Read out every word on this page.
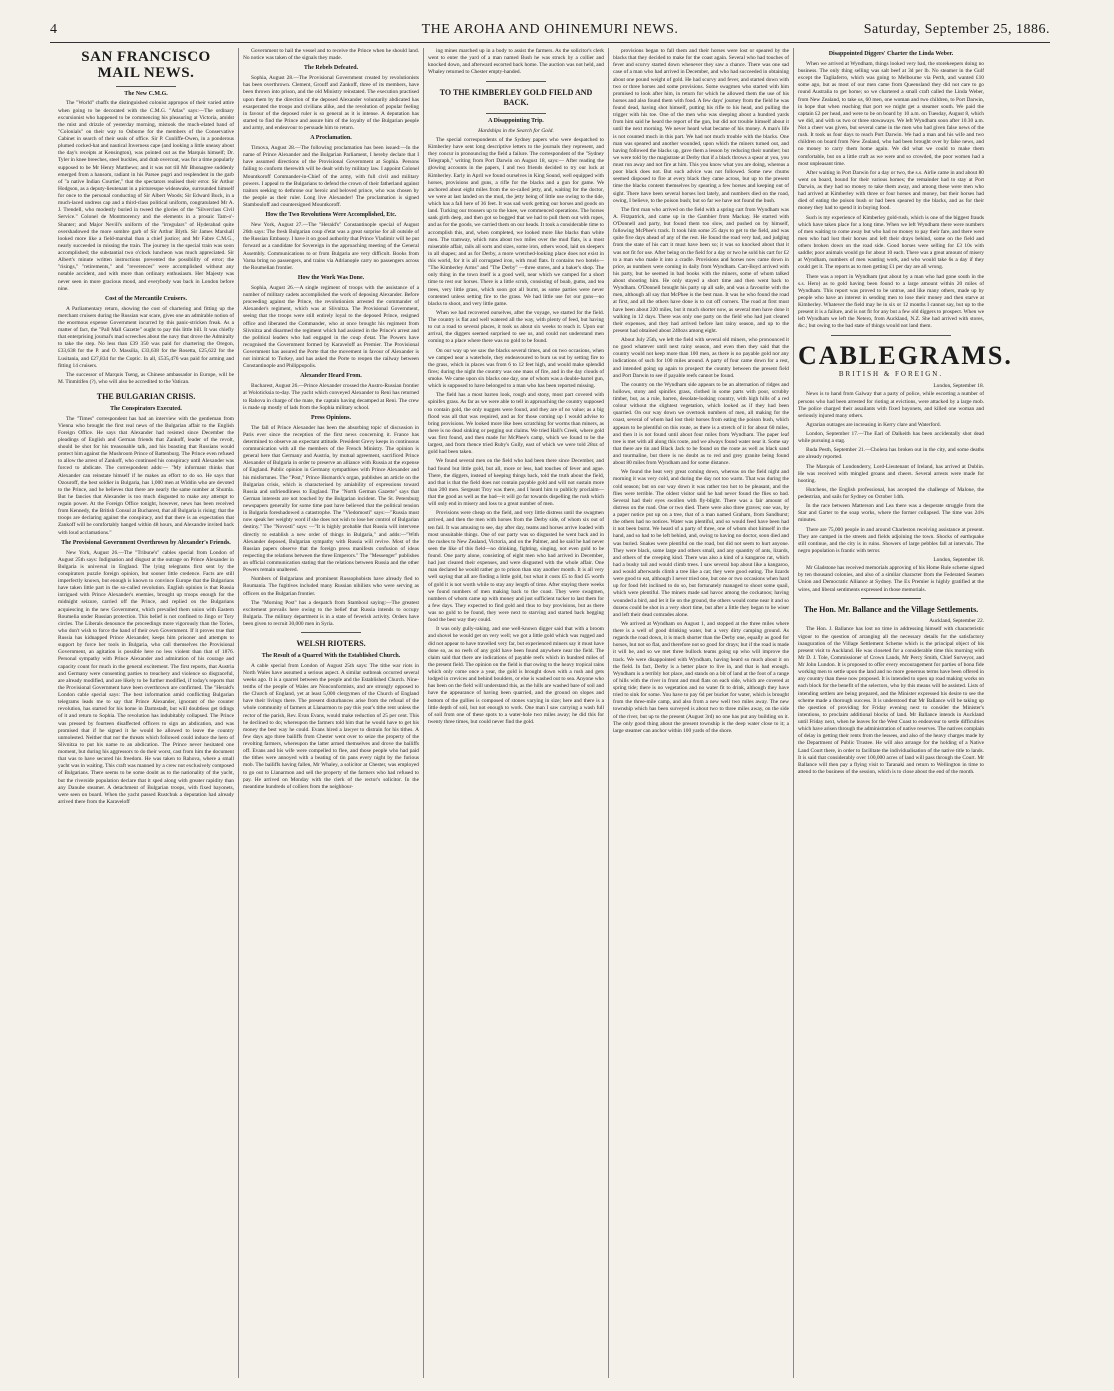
4	THE AROHA AND OHINEMURI NEWS.	Saturday, September 25, 1886.
SAN FRANCISCO MAIL NEWS.
The New C.M.G.

The "World" chaffs the distinguished colonist appropos of their varied attire when going to be decorated with the C.M.G. "Atlas" says:—The ordinary excursionist who happened to be commencing his pleasuring at Victoria, amidst the mist and drizzle of yesterday morning, mistook the much-elated band of "Colonials" on their way to Osborne for the members of the Conservative Cabinet in search of their seals of office. Sir P. Cunliffe-Owen, in a ponderous plumed cocked-hat and nautical Inverness cape (and looking a little uneasy about the day's receipts at Kensington), was pointed out as the Marquis himself; Dr. Tyler in knee breeches, steel buckles, and drab overcoat, was for a time popularly supposed to be Mr Henry Matthews; and it was not till Mr Bhonagree suddenly emerged from a hansom, radiant in his Parsee pugri and resplendent in the garb of "a native Indian Courtier," that the spectators realised their error. Sir Arthur Hodgson, as a deputy-lieutenant in a picturesque wideawake, surrounded himself for once to the personal conducting of Sir Albert Woods; Sir Edward Buck, in a much-laced undress cap and a third-class political uniform, congratulated Mr A. J. Trendell, who modestly buried in tweed the glories of the "Silverclass Civil Service." Colonel de Montmorency and the elements in a prosaic Tam-o'-Shanter; and Major Nevill's uniform of the "irregulars" of Hyderabad quite overshadowed the more sombre garb of Sir Arthur Blyth. Sir James Marshall looked more like a field-marshal than a chief justice; and Mr Fabre C.M.G., nearly succeeded in missing the train. The journey in the special train was soon accomplished; the substantial two o'clock luncheon was much appreciated. Sir Albert's minute written instructions prevented the possibility of error; the "risings," "retirements," and "reverences" were accomplished without any notable accident, and with more than ordinary enthusiasm. Her Majesty was never seen in more gracious mood, and everybody was back in London before nine.

Cost of the Mercantile Cruisers.

A Parliamentary return, showing the cost of chartering and fitting up the merchant cruisers during the Russian war scare, gives one an admirable notion of the enormous expense Government incurred by this panic-stricken freak. As a matter of fact, the "Pall Mall Gazette" ought to pay this little bill. It was chiefly that enterprising journal's mad screeches about the navy that drove the Admiralty to take the step. No less than £39 350 was paid for chartering the Oregon, £33,638 for the P. and O. Massilia, £33,638 for the Rosetta, £25,622 for the Lusitania, and £27,834 for the Coptic. In all, £535,476 was paid for arming and fitting 14 cruisers.

The successor of Marquis Tseng, as Chinese ambassador in Europe, will be M. Tinmitifen (?), who will also be accredited to the Vatican.

THE BULGARIAN CRISIS.
The Conspirators Executed.

The "Times" correspondent has had an interview with the gentleman from Vienna who brought the first real news of the Bulgarian affair to the English Foreign Office. He says that Alexander had resisted since December the pleadings of English and German friends that Zankoff, leader of the revolt, should be shot for his treasonable talk, and his boasting that Russians would protect him against the Mushroom Prince of Battenburg. The Prince even refused to allow the arrest of Zankoff, who continued his conspiracy until Alexander was forced to abdicate. The correspondent adds:— "My informant thinks that Alexander can reinstate himself if he makes an effort to do so. He says that Ozouroff, the best soldier in Bulgaria, has 1,000 men at Widdin who are devoted to the Prince, and he believes that there are nearly the same number at Shumla. But he fancies that Alexander is too much disgusted to make any attempt to regain power. At the Foreign Office tonight, however, news has been received from Kennedy, the British Consul at Bucharest, that all Bulgaria is rising; that the troops are declaring against the conspiracy, and that there is an expectation that Zankoff will be comfortably hanged within 48 hours, and Alexandre invited back with loud acclamations."

The Provisional Government Overthrown by Alexander's Friends.

New York, August 26.—The "Tribune's" cables special from London of August 25th says: Indignation and disgust at the outrage on Prince Alexander in Bulgaria is universal in England. The lying telegrams first sent by the conspirators puzzle foreign opinion, but sooner little credence. Facts are still imperfectly known, but enough is known to convince Europe that the Bulgarians have taken little part in the so-called revolution. English opinion is that Russia intrigued with Prince Alexander's enemies, brought up troops enough for the midnight seizure, carried off the Prince, and replied on the Bulgarians acquiescing in the new Government, which prevailed them union with Eastern Roumelia under Russian protection. This belief is not confined to Jingo or Tory circles. The Liberals denounce the proceedings more vigorously than the Tories, who don't wish to force the hand of their own Government. If it proves true that Russia has kidnapped Prince Alexander, keeps him prisoner and attempts to support by force her tools in Bulgaria, who call themselves the Provisional Government, an agitation is possible here no less violent than that of 1876. Personal sympathy with Prince Alexander and admiration of his courage and capacity count for much in the general excitement. The first reports, that Austria and Germany were consenting parties to treachery and violence so disgraceful, are already modified, and are likely to be further modified, if today's reports that the Provisional Government have been overthrown are confirmed. The "Herald's London cable special says: The best information amid conflicting Bulgarian telegrams leads me to say that Prince Alexander, ignorant of the counter revolution, has started for his home in Darmstadt, but will doubtless get tidings of it and return to Sophia. The revolution has indubitably collapsed. The Prince was pressed by fourteen disaffected officers to sign an abdication, and was promised that if he signed it he would be allowed to leave the country unmolested. Neither that nor the threats which followed could induce the hero of Slivnitza to put his name to an abdication. The Prince never hesitated one moment, but during his aggressors to do their worst, cast from him the document that was to have secured his freedom. He was taken to Rahova, where a small yacht was in waiting. This craft was manned by a crew not exclusively composed of Bulgarians. There seems to be some doubt as to the nationality of the yacht, but the riverside population declare that it sped along with greater rapidity than any Danube steamer. A detachment of Bulgarian troops, with fixed bayonets, were seen on board. When the yacht passed Rustchuk a deputation had already arrived there from the Karaveloff

Government to hail the vessel and to receive the Prince when he should land. No notice was taken of the signals they made.

The Rebels Defeated.

Sophia, August 28.—The Provisional Government created by revolutionists has been overthrown. Clement, Grouff and Zankoff, three of its members, have been thrown into prison, and the old Ministry reinstated. The execution practised upon them by the direction of the deposed Alexander voluntarily abdicated has exasperated the troops and civilians alike, and the revolution of popular feeling in favour of the deposed ruler is so general as it is intense. A deputation has started to find the Prince and assure him of the loyalty of the Bulgarian people and army, and endeavour to persuade him to return.

A Proclamation.

Tirnova, August 28.—The following proclamation has been issued:—In the name of Prince Alexander and the Bulgarian Parliament, I hereby declare that I have assumed directions of the Provisional Government at Sophia. Persons failing to conform therewith will be dealt with by military law. I appoint Colonel Mountkoroff Commander-in-Chief of the army, with full civil and military powers. I appeal to the Bulgarians to defend the crown of their fatherland against traitors seeking to dethrone our heroic and beloved prince, who was chosen by the people as their ruler. Long live Alexander! The proclamation is signed Stambouloff and countersigned Mountkoroff.

How the Two Revolutions Were Accomplished, Etc.

New York, August 27.—The "Herald's" Constantinople special of August 26th says: The fresh Bulgarian coup d'etat was a great surprise for all outside of the Russian Embassy. I have it on good authority that Prince Vladimir will be put forward as a candidate for Sovereign in the approaching meeting of the General Assembly. Communications to or from Bulgaria are very difficult. Books from Varna bring no passengers, and trains via Adrianople carry no passengers across the Roumelian frontier.

How the Work Was Done.

Sophia, August 26.—A single regiment of troops with the assistance of a number of military cadets accomplished the work of deposing Alexander. Before proceeding against the Prince, the revolutionists arrested the commander of Alexander's regiment, which was at Slivnitza. The Provisional Government, seeing that the troops were still entirely loyal to the deposed Prince, resigned office and liberated the Commander, who at once brought his regiment from Slivnitza and disarmed the regiment which had assisted in the Prince's arrest and the political leaders who had engaged in the coup d'etat. The Powers have recognised the Government formed by Karaveloff as Premier. The Provisional Government has assured the Porte that the movement in favour of Alexander is not inimical to Turkey, and has asked the Porte to reopen the railway between Constantinople and Philippopolis.

Alexander Heard From.

Bucharest, August 26.—Prince Alexander crossed the Austro-Russian frontier at Woloticksia to-day. The yacht which conveyed Alexander to Reni has returned to Rahova in charge of the mate, the captain having decamped at Reni. The crew is made up mostly of lads from the Sophia military school.

Press Opinions.

The fall of Prince Alexander has been the absorbing topic of discussion in Paris ever since the reception of the first news concerning it. France has determined to observe an expectant attitude. President Grevy keeps in continuous communication with all the members of the French Ministry. The opinion is general here that Germany and Austria, by mutual agreement, sacrificed Prince Alexander of Bulgaria in order to preserve an alliance with Russia at the expense of England. Public opinion in Germany sympathises with Prince Alexander and his misfortunes. The "Post," Prince Bismarck's organ, publishes an article on the Bulgarian crisis, which is characterised by amiability of expressions toward Russia and unfriendliness to England. The "North German Gazette" says that German interests are not touched by the Bulgarian incident. The St. Petersburg newspapers generally for some time past have believed that the political tension in Bulgaria foreshadowed a catastrophe. The "Viedomosti" says:—"Russia must now speak her weighty word if she does not wish to lose her control of Bulgarian destiny." The "Novosti" says: —"It is highly probable that Russia will intervene directly to establish a new order of things in Bulgaria," and adds:—"With Alexander deposed, Bulgarian sympathy with Russia will revive. Most of the Russian papers observe that the foreign press manifests confusion of ideas respecting the relations between the three Emperors." The "Messenger" publishes an official communication stating that the relations between Russia and the other Powers remain unaltered.

Numbers of Bulgarians and prominent Russophobists have already fled to Roumania. The fugitives included many Russian nihilists who were serving as officers on the Bulgarian frontier.

The "Morning Post" has a despatch from Stamboul saying:—The greatest excitement prevails here owing to the belief that Russia intends to occupy Bulgaria. The military department is in a state of feverish activity. Orders have been given to recruit 30,000 men in Syria.

WELSH RIOTERS.
The Result of a Quarrel With the Established Church.

A cable special from London of August 25th says: The tithe war riots in North Wales have assumed a serious aspect. A similar outbreak occurred several weeks ago. It is a quarrel between the people and the Established Church. Nine-tenths of the people of Wales are Nonconformists, and are strongly opposed to the Church of England, yet at least 5,000 clergymen of the Church of England have their livings there. The present disturbances arise from the refusal of the whole community of farmers at Llanarmon to pay this year's tithe rent unless the rector of the parish, Rev. Evan Evans, would make reduction of 25 per cent. This he declined to do; whereupon the farmers told him that he would have to get his money the best way he could. Evans hired a lawyer to distrain for his tithes. A few days ago three bailiffs from Chester went over to seize the property of the revolting farmers, whereupon the latter armed themselves and drove the bailiffs off. Evans and his wife were compelled to flee, and those people who had paid the tithes were annoyed with a beating of tin pans every night by the furious mob. The bailiffs having fallen, Mr Whaley, a solicitor at Chester, was employed to go out to Llanarmon and sell the property of the farmers who had refused to pay. He arrived on Monday with the clerk of the rector's solicitor. In the meantime hundreds of colliers from the neighbour-

ing mines marched up in a body to assist the farmers. As the solicitor's clerk went to enter the yard of a man named Bush he was struck by a collier and knocked down, and afterward escorted back home. The auction was not held, and Whaley returned to Chester empty-handed.

TO THE KIMBERLEY GOLD FIELD AND BACK.
A Disappointing Trip.
Hardships in the Search for Gold.

The special correspondents of the Sydney papers who were despatched to Kimberley have sent long descriptive letters to the journals they represent, and they concur in pronouncing the field a failure. The correspondent of the "Sydney Telegraph," writing from Port Darwin on August 18, says:— After reading the glowing accounts in the papers, I and two friends decided to try our luck at Kimberley. Early in April we found ourselves in King Sound, well equipped with horses, provisions and guns, a rifle for the blacks and a gun for game. We anchored about eight miles from the so-called jetty, and, waiting for the doctor, we were at last landed on the mud, the jetty being of little use owing to the tide, which has a fall here of 36 feet. It was sad work getting our horses and goods on land. Tucking our trousers up to the knee, we commenced operations. The horses sank girth deep, and then got so bogged that we had to pull them out with ropes, and as for the goods, we carried them on our heads. It took a considerable time to accomplish this, and, when completed, we looked more like blacks than white men. The tramway, which runs about two miles over the mud flats, is a most miserable affair, rails all sorts and sizes, some iron, others wood, laid on sleepers in all shapes; and as for Derby, a more wretched-looking place does not exist in this world, for it is all corrugated iron, with mud flats. It contains two hotels— "The Kimberley Arms" and "The Derby" —three stores, and a baker's shop. The only thing in the town itself is a good well, near which we camped for a short time to rest our horses. There is a little scrub, consisting of boab, gums, and tea trees, very little grass, which soon got all burnt, as some parties were never contented unless setting fire to the grass. We had little use for our guns—no blacks to shoot, and very little game.

When we had recovered ourselves, after the voyage, we started for the field. The country is flat and well watered all the way, with plenty of feed, but having to cut a road to several places, it took us about six weeks to reach it. Upon our arrival, the diggers seemed surprised to see us, and could not understand men coming to a place where there was no gold to be found.

On our way up we saw the blacks several times, and on two occasions, when we camped near a waterhole, they endeavoured to burn us out by setting fire to the grass, which in places was from 6 to 12 feet high, and would make splendid fires; during the night the country was one mass of fire, and in the day clouds of smoke. We came upon six blacks one day, one of whom was a double-barrel gun, which is supposed to have belonged to a man who has been reported missing.

The field has a most barren look, rough and stony, most part covered with spinifex grass. As far as we were able to tell in approaching the country supposed to contain gold, the only nuggets were found, and they are of no value; as a big flood was all that was required, and as for those coming up I would advise to bring provisions. We looked more like bees scratching for worms than miners, as there is no dead sinking or pegging out claims. We tried Hall's Creek, where gold was first found, and then made for McPhee's camp, which we found to be the largest, and from thence tried Ruby's Gully, east of which we were told 28oz of gold had been taken.

We found several men on the field who had been there since December, and had found but little gold, but all, more or less, had touches of fever and ague. There, the diggers, instead of keeping things back, told the truth about the field, and that is that the field does not contain payable gold and will not sustain more than 200 men. Sergeant Troy was there, and I heard him to publicly proclaim—that the good as well as the bad—it will go far towards dispelling the rush which will only end in misery and loss to a great number of men.

Provisions were cheap on the field, and very little distress until the swagmen arrived, and then the men with horses from the Derby side, of whom six out of ten fail. It was amusing to see, day after day, teams and horses arrive loaded with most unsuitable things. One of our party was so disgusted he went back and in the rushes to New Zealand, Victoria, and on the Palmer, and he said he had never seen the like of this field—no drinking, fighting, singing, not even gold to be found. One party alone, consisting of eight men who had arrived in December, had just cleared their expenses, and were disgusted with the whole affair. One man declared he would rather go to prison than stay another month. It is all very well saying that all are finding a little gold, but what it costs £5 to find £5 worth of gold it is not worth while to stay any length of time. After staying there weeks we found numbers of men making back to the coast. They were swagmen, numbers of whom came up with money and just sufficient tucker to last them for a few days. They expected to find gold and thus to buy provisions, but as there was no gold to be found, they were next to starving and started back begging food the best way they could.

It was only gully-raking, and one well-known digger said that with a broom and shovel he would get on very well; we got a little gold which was rugged and did not appear to have travelled very far, but experienced miners say it must have done so, as no reefs of any gold have been found anywhere near the field. The claim said that there are indications of payable reefs which in hundred miles of the present field. The opinion on the field is that owing to the heavy tropical rains which only come once a year, the gold is brought down with a rush and gets lodged in crevices and behind boulders, or else is washed out to sea. Anyone who has been on the field will understand this, as the hills are washed bare of soil and have the appearance of having been quarried, and the ground on slopes and bottom of the gullies is composed of stones varying in size; here and there is a little depth of soil, but not enough to work. One man I saw carrying a wash full of soil from one of these spots to a water-hole two miles away; he did this for twenty three times, but could never find the gold.

provisions began to fall them and their horses were lost or speared by the blacks that they decided to make for the coast again. Several who had touches of fever and scurvy started down whenever they saw a chance. There was one sad case of a man who had arrived in December, and who had succeeded in obtaining about one pound weight of gold. He had scurvy and fever, and started down with two or three horses and some provisions. Some swagmen who started with him promised to look after him, in return for which he allowed them the use of his horses and also found them with food. A few days' journey from the field he was found dead, having shot himself, putting his rifle to his head, and pulling the trigger with his toe. One of the men who was sleeping about a hundred yards from him said he heard the report of the gun, but did not trouble himself about it until the next morning. We never heard what became of his money. A man's life is not counted much in this part. We had not much trouble with the blacks. One man was speared and another wounded, upon which the miners turned out, and having followed the blacks up, gave them a lesson by reducing their number; but we were told by the magistrate at Derby that if a black throws a spear at you, you must run away and not fire at him. This you know what you are doing, whereas a poor black does not. But such advice was not followed. Some new chums seemed disposed to fire at every black they came across, but up to the present time the blacks content themselves by spearing a few horses and keeping out of sight. There have been several horses lost lately, and numbers died on the road, owing, I believe, to the poison bush; but so far we have not found the bush.

The first man who arrived on the field with a spring cart from Wyndham was A. Fitzpatrick, and came up in the Gambier from Mackay. He started with O'Donnell and party, but found them too slow, and pushed on by himself, following McPhee's track. It took him some 25 days to get to the field, and was quite five days ahead of any of the rest. He found the road very bad, and judging from the state of his cart it must have been so; it was so knocked about that it was not fit for use. After being on the field for a day or two he sold his cart for £2 to a man who made it into a cradle. Provisions and horses now came down in price, as numbers were coming in daily from Wyndham. Carr-Boyd arrived with his party, but he seemed in bad books with the miners, some of whom talked about shooting him. He only stayed a short time and then went back to Wyndham. O'Donnell brought his party up all safe, and was a favourite with the men, although all say that McPhee is the best man. It was he who found the road at first, and all the others have done is to cut off corners. The road at first must have been about 220 miles, but it much shorter now, as several men have done it walking in 12 days. There was only one party on the field who had just cleared their expenses, and they had arrived before last rainy season, and up to the present had obtained about 240ozs among eight.

About July 25th, we left the field with several old miners, who pronounced it no good whatever until next rainy season, and even then they said that the country would not keep more than 100 men, as there is no payable gold nor any indications of such for 100 miles around. A party of four came down for a rest, and intended going up again to prospect the country between the present field and Port Darwin to see if payable reefs cannot be found.

The country on the Wyndham side appears to be an alternation of ridges and hollows, stony and spinifex grass, clothed in some parts with poor, scrubby timber, but, as a rule, barren, desolate-looking country, with high hills of a red colour without the slightest vegetation, which looked as if they had been quarried. On our way down we overtook numbers of men, all making for the coast, several of whom had lost their horses from eating the poison bush, which appears to be plentiful on this route, as there is a stretch of it for about 60 miles, and then it is not found until about four miles from Wyndham. The paper leaf tree is met with all along this route, and we always found water near it. Some say that there are tin and Black Jack to be found on the route as well as black sand and tourmaline, but there is no doubt as to red and grey granite being found about 80 miles from Wyndham and for some distance.

We found the heat very great coming down, whereas on the field night and morning it was very cold, and during the day not too warm. That was during the cold season; but on our way down it was rather too hot to be pleasant, and the flies were terrible. The oldest visitor said he had never found the flies so bad. Several had their eyes swollen with fly-blight. There was a fair amount of distress on the road. One or two died. There were also three graves; one was, by a paper notice put up on a tree, that of a man named Graham, from Sandhurst; the others had no notices. Water was plentiful, and so would feed have been had it not been burnt. We heard of a party of three, one of whom shot himself in the hand, and so had to be left behind, and, owing to having no doctor, soon died and was buried. Snakes were plentiful on the road, but did not seem to hurt anyone. They were black, some large and others small, and any quantity of ants, lizards, and others of the creeping kind. There was also a kind of a kangaroo rat, which had a bushy tail and would climb trees. I saw several hop about like a kangaroo, and would afterwards climb a tree like a cat; they were good eating. The lizards were good to eat, although I never tried one, but one or two occasions when hard up for food felt inclined to do so, but fortunately managed to shoot some quail, which were plentiful. The miners made sad havoc among the cockatoos; having wounded a bird, and let it lie on the ground, the others would come near it and so dozens could be shot in a very short time, but after a little they began to be wiser and left their dead comrades alone.

We arrived at Wyndham on August 1, and stopped at the three miles where there is a well of good drinking water, but a very dirty camping ground. As regards the road down, it is much shorter than the Derby one, equally as good for horses, but not so flat, and therefore not so good for drays; but if the road is made it will be, and so we met three bullock teams going up who will improve the track. We were disappointed with Wyndham, having heard so much about it on the field. In fact, Derby is a better place to live in, and that is bad enough. Wyndham is a terribly hot place, and stands on a bit of land at the foot of a range of hills with the river in front and mud flats on each side, which are covered at spring tide; there is no vegetation and no water fit to drink, although they have tried to sink for some. You have to pay 6d per bucket for water, which is brought from the three-mile camp, and also from a new well two miles away. The new township which has been surveyed is about two to three miles away, on the side of the river, but up to the present (August 3rd) no one has put any building on it. The only good thing about the present township is the deep water close to it; a large steamer can anchor within 100 yards of the shore.

Disappointed Diggers' Charter the Linda Weber.

When we arrived at Wyndham, things looked very bad, the storekeepers doing no business. The only thing selling was salt beef at 3d per lb. No steamer in the Gulf except the Tagliaferro, which was going to Melbourne via Perth, and wanted £10 some ago, but as most of our men came from Queensland they did not care to go round Australia to get home; so we chartered a small craft called the Linda Weber, from New Zealand, to take us, 60 men, one woman and two children, to Port Darwin, in hope that when reaching that port we might get a steamer south. We paid the captain £2 per head, and were to be on board by 10 a.m. on Tuesday, August 8, which we did, and with us two or three stowaways. We left Wyndham soon after 10.30 a.m. Not a cheer was given, but several came in the men who had given false news of the rush. It took us four days to reach Port Darwin. We had a man and his wife and two children on board from New Zealand, who had been brought over by false news, and no money to carry them home again. We did what we could to make them comfortable, but on a little craft as we were and so crowded, the poor women had a most unpleasant time.

After waiting in Port Darwin for a day or two, the s.s. Airlie came in and about 80 went on board, bound for their various homes; the remainder had to stay at Port Darwin, as they had no money to take them away, and among these were men who had arrived at Kimberley with three or four horses and money, but their horses had died of eating the poison bush or had been speared by the blacks, and as for their money they had to spend it in buying food.

Such is my experience of Kimberley gold-rush, which is one of the biggest frauds which have taken place for a long time. When we left Wyndham there were numbers of men waiting to come away but who had no money to pay their fare, and there were men who had lost their horses and left their drays behind, some on the field and others broken down on the road side. Good horses were selling for £3 10s with saddle; poor animals would go for about 10 each. There was a great amount of misery at Wyndham, numbers of men wanting work, and who would take 6s a day if they could get it. The reports as to men getting £1 per day are all wrong.

There was a report in Wyndham (put about by a man who had gone south in the s.s. Hero) as to gold having been found to a large amount within 20 miles of Wyndham. This report was proved to be untrue, and like many others, made up by people who have an interest in sending men to lose their money and then starve at Kimberley. Whatever the field may be in six or 12 months I cannot say, but up to the present it is a failure, and is not fit for any but a few old diggers to prospect. When we left Wyndham we left the Netero, from Auckland, N.Z. She had arrived with stores, &c.; but owing to the bad state of things would not land them.

CABLEGRAMS.
BRITISH & FOREIGN.
London, September 18.

News is to hand from Galway that a party of police, while escorting a number of persons who had been arrested for rioting at evictions, were attacked by a large mob. The police charged their assailants with fixed bayonets, and killed one woman and seriously injured many others.

Agrarian outrages are increasing in Kerry clare and Waterford.

London, September 17.—The Earl of Dalkeith has been accidentally shot dead while pursuing a stag.

Buda Pesth, September 21.—Cholera has broken out in the city, and some deaths are already reported.

The Marquis of Londonderry, Lord-Lieutenant of Ireland, has arrived at Dublin. He was received with mingled groans and cheers. Several arrests were made for hooting.

Hutchens, the English professional, has accepted the challenge of Malone, the pedestrian, and sails for Sydney on October 14th.

In the race between Matterson and Lea there was a desperate struggle from the Star and Garter to the soap works, where the former collapsed. The time was 24¾ minutes.

There are 75,000 people in and around Charleston receiving assistance at present. They are camped in the streets and fields adjoining the town. Shocks of earthquake still continue, and the city is in ruins. Showers of large pebbles fall at intervals. The negro population is frantic with terror.

London, September 18.

Mr Gladstone has received memorials approving of his Home Rule scheme signed by ten thousand colonies, and also of a similar character from the Federated Seamen Union and Democratic Alliance at Sydney. The Ex Premier is highly gratified at the wires, and liberal sentiments expressed in those memorials.

The Hon. Mr. Ballance and the Village Settlements.
Auckland, September 22.

The Hon. J. Ballance has lost no time in addressing himself with characteristic vigour to the question of arranging all the necessary details for the satisfactory inauguration of the Village Settlement Scheme which is the principal object of his present visit to Auckland. He was closeted for a considerable time this morning with Mr D. J. Tole, Commissioner of Crown Lands, Mr Percy Smith, Chief Surveyor, and Mr John Lundon. It is proposed to offer every encouragement for parties of bona fide working men to settle upon the land and no more generous terms have been offered in any country than these now proposed. It is intended to open up road making works on each block for the benefit of the selectors, who by this means will be assisted. Lists of intending settlers are being prepared, and the Minister expressed his desire to see the scheme made a thorough success. It is understood that Mr Ballance will be taking up the question of providing for Friday evening next to consider the Minister's intentions, to proclaim additional blocks of land. Mr Ballance intends in Auckland until Friday next, when he leaves for the West Coast to endeavour to settle difficulties which have arisen through the administration of native reserves. The natives complain of delay in getting their rents from the lessees, and also of the heavy charges made by the Department of Public Trustee. He will also arrange for the holding of a Native Land Court there, in order to facilitate the individualisation of the native title to lands. It is said that considerably over 100,000 acres of land will pass through the Court. Mr Ballance will then pay a flying visit to Taranaki and return to Wellington in time to attend to the business of the session, which is to close about the end of the month.
